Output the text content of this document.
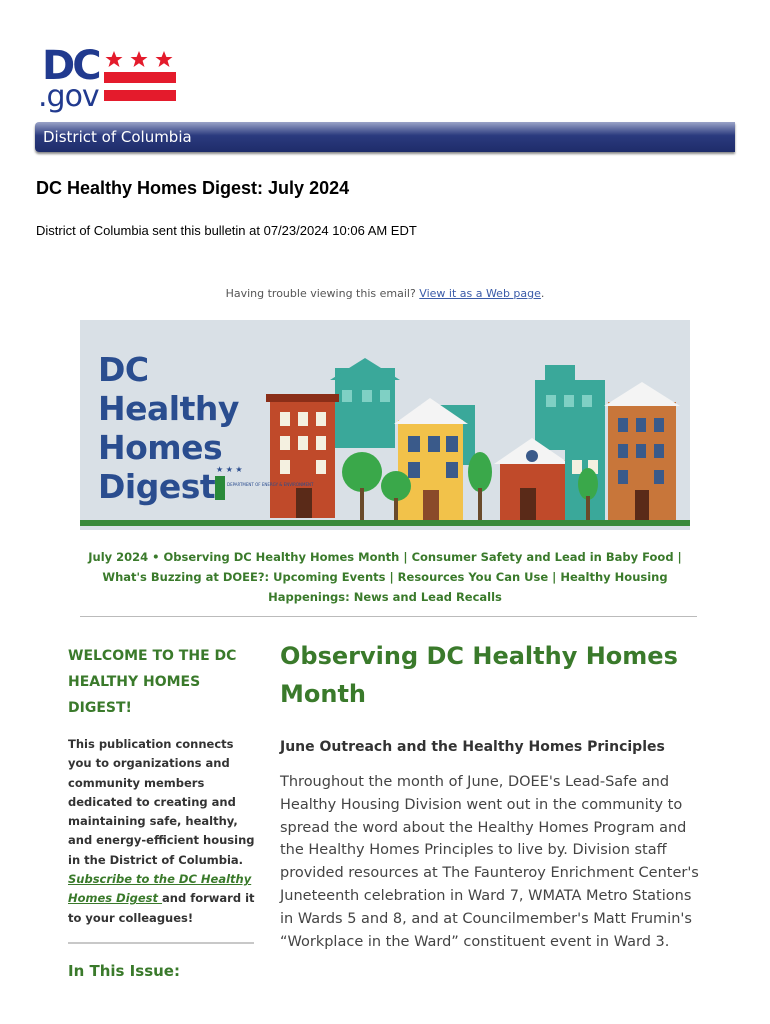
DC
.gov
District of Columbia
DC Healthy Homes Digest: July 2024
District of Columbia sent this bulletin at 07/23/2024 10:06 AM EDT
Having trouble viewing this email? View it as a Web page.
★ ★ ★
DEPARTMENT OF ENERGY & ENVIRONMENT
DC
Healthy
Homes
Digest
July 2024 • Observing DC Healthy Homes Month | Consumer Safety and Lead in Baby Food | What's Buzzing at DOEE?: Upcoming Events | Resources You Can Use | Healthy Housing Happenings: News and Lead Recalls
WELCOME TO THE DC HEALTHY HOMES DIGEST!

This publication connects you to organizations and community members dedicated to creating and maintaining safe, healthy, and energy-efficient housing in the District of Columbia. Subscribe to the DC Healthy Homes Digest and forward it to your colleagues!

In This Issue:
Observing DC Healthy Homes Month
June Outreach and the Healthy Homes Principles

Throughout the month of June, DOEE's Lead-Safe and Healthy Housing Division went out in the community to spread the word about the Healthy Homes Program and the Healthy Homes Principles to live by. Division staff provided resources at The Faunteroy Enrichment Center's Juneteenth celebration in Ward 7, WMATA Metro Stations in Wards 5 and 8, and at Councilmember's Matt Frumin's “Workplace in the Ward” constituent event in Ward 3.
